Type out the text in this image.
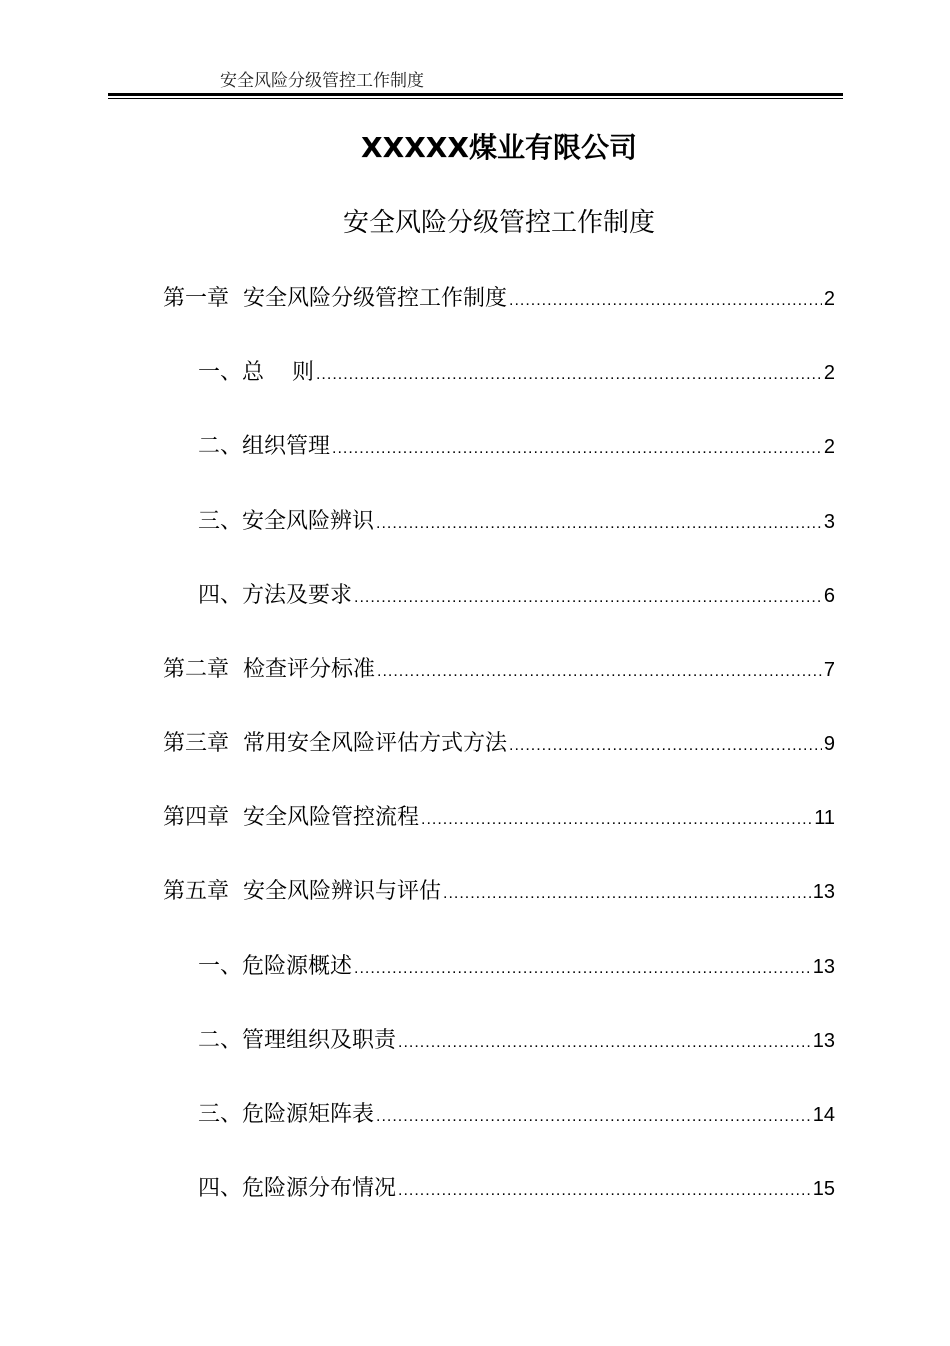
安全风险分级管控工作制度
XXXXX煤业有限公司
安全风险分级管控工作制度
第一章  安全风险分级管控工作制度 .....	2
一、总    则 .....	2
二、组织管理 .....	2
三、安全风险辨识 .....	3
四、方法及要求 .....	6
第二章  检查评分标准 .....	7
第三章  常用安全风险评估方式方法 .....	9
第四章  安全风险管控流程 .....	11
第五章  安全风险辨识与评估 .....	13
一、危险源概述 .....	13
二、管理组织及职责 .....	13
三、危险源矩阵表 .....	14
四、危险源分布情况 .....	15
